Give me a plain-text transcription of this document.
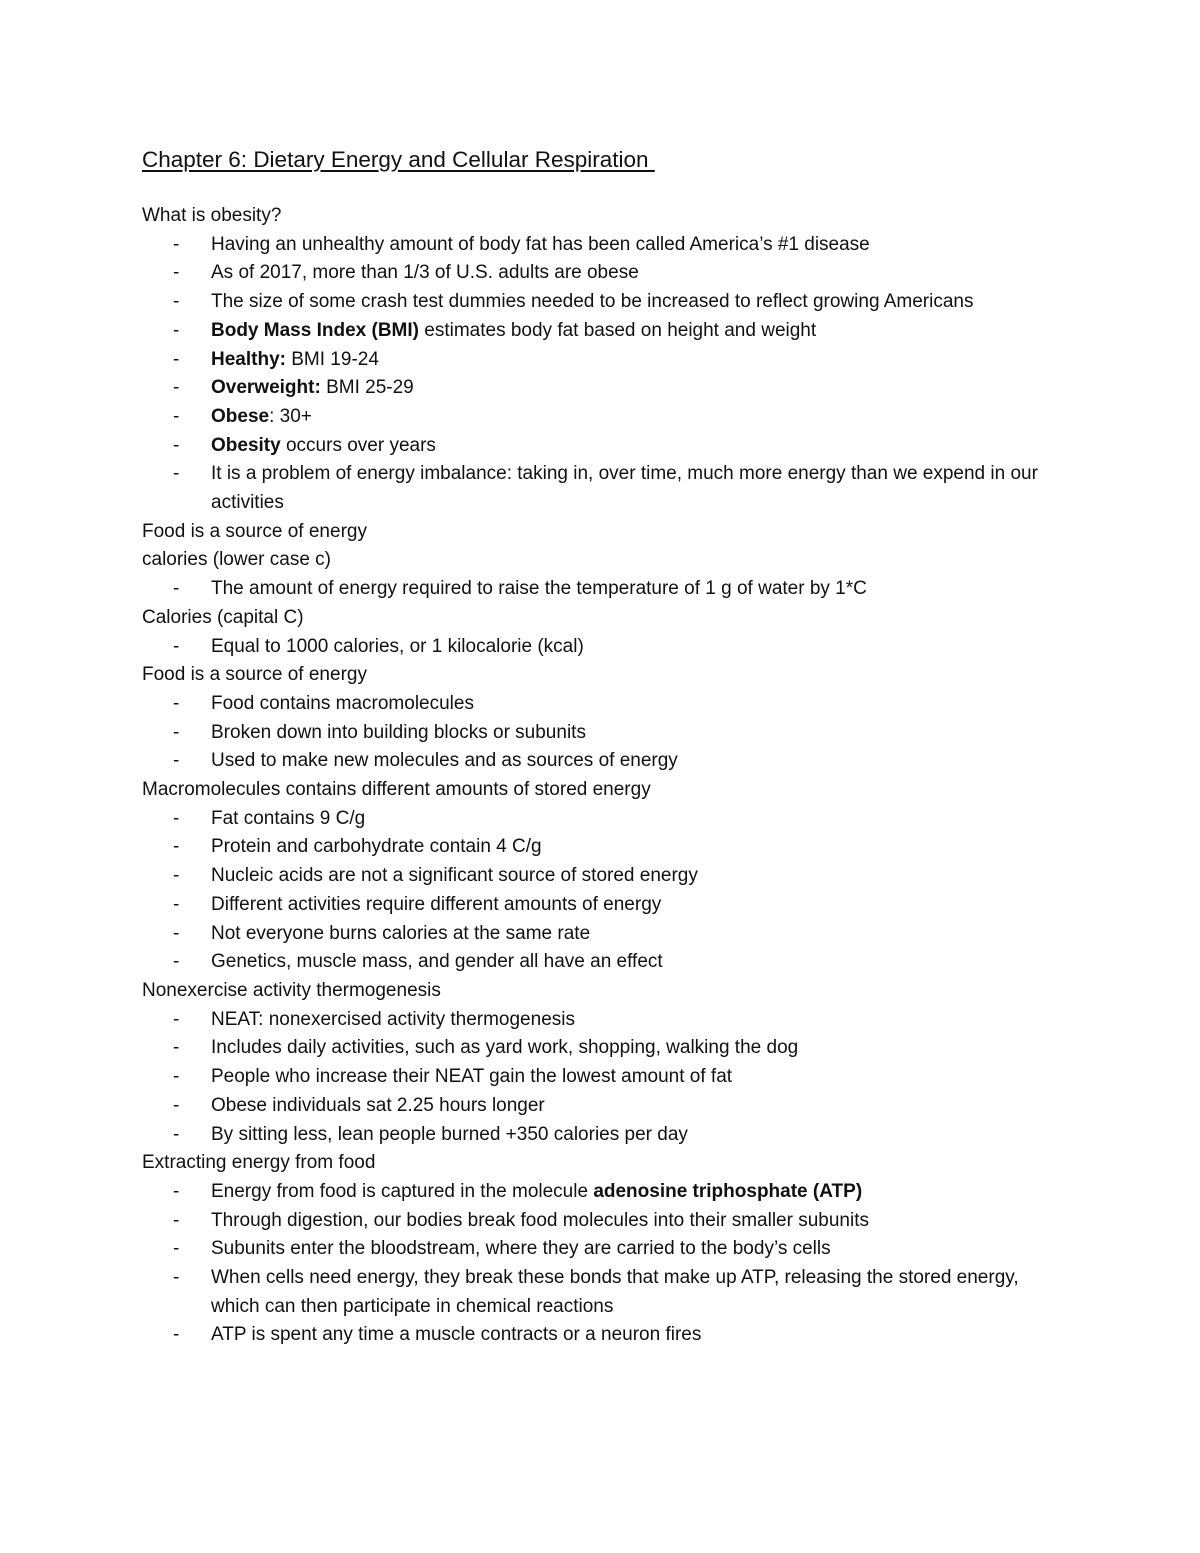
Chapter 6: Dietary Energy and Cellular Respiration
What is obesity?
- Having an unhealthy amount of body fat has been called America’s #1 disease
- As of 2017, more than 1/3 of U.S. adults are obese
- The size of some crash test dummies needed to be increased to reflect growing Americans
- Body Mass Index (BMI) estimates body fat based on height and weight
- Healthy: BMI 19-24
- Overweight: BMI 25-29
- Obese: 30+
- Obesity occurs over years
- It is a problem of energy imbalance: taking in, over time, much more energy than we expend in our activities
Food is a source of energy
calories (lower case c)
- The amount of energy required to raise the temperature of 1 g of water by 1*C
Calories (capital C)
- Equal to 1000 calories, or 1 kilocalorie (kcal)
Food is a source of energy
- Food contains macromolecules
- Broken down into building blocks or subunits
- Used to make new molecules and as sources of energy
Macromolecules contains different amounts of stored energy
- Fat contains 9 C/g
- Protein and carbohydrate contain 4 C/g
- Nucleic acids are not a significant source of stored energy
- Different activities require different amounts of energy
- Not everyone burns calories at the same rate
- Genetics, muscle mass, and gender all have an effect
Nonexercise activity thermogenesis
- NEAT: nonexercised activity thermogenesis
- Includes daily activities, such as yard work, shopping, walking the dog
- People who increase their NEAT gain the lowest amount of fat
- Obese individuals sat 2.25 hours longer
- By sitting less, lean people burned +350 calories per day
Extracting energy from food
- Energy from food is captured in the molecule adenosine triphosphate (ATP)
- Through digestion, our bodies break food molecules into their smaller subunits
- Subunits enter the bloodstream, where they are carried to the body’s cells
- When cells need energy, they break these bonds that make up ATP, releasing the stored energy, which can then participate in chemical reactions
- ATP is spent any time a muscle contracts or a neuron fires
